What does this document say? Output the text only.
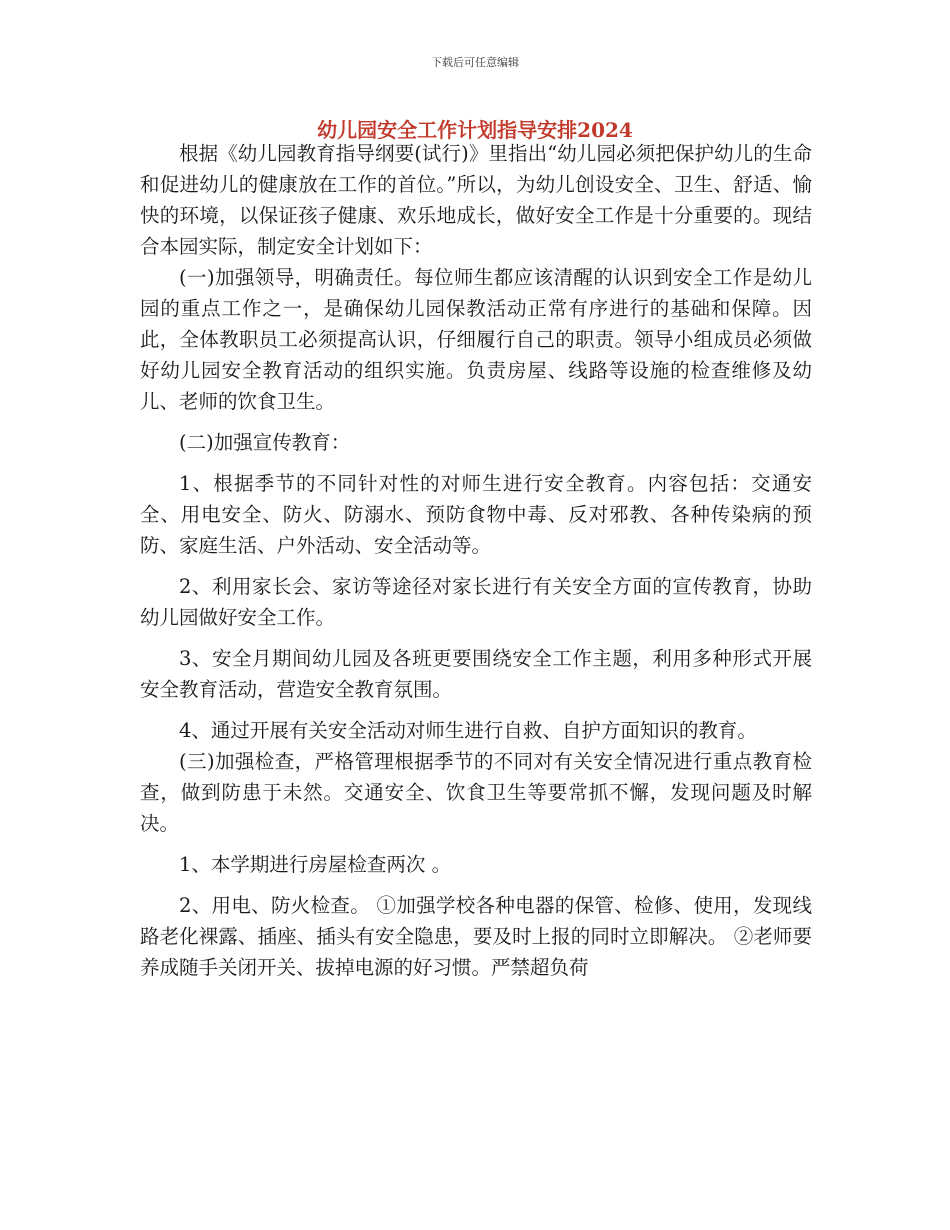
下载后可任意编辑
幼儿园安全工作计划指导安排2024

根据《幼儿园教育指导纲要(试行)》里指出“幼儿园必须把保护幼儿的生命和促进幼儿的健康放在工作的首位。”所以，为幼儿创设安全、卫生、舒适、愉快的环境，以保证孩子健康、欢乐地成长，做好安全工作是十分重要的。现结合本园实际，制定安全计划如下：

(一)加强领导，明确责任。每位师生都应该清醒的认识到安全工作是幼儿园的重点工作之一，是确保幼儿园保教活动正常有序进行的基础和保障。因此，全体教职员工必须提高认识，仔细履行自己的职责。领导小组成员必须做好幼儿园安全教育活动的组织实施。负责房屋、线路等设施的检查维修及幼儿、老师的饮食卫生。

(二)加强宣传教育：

1、根据季节的不同针对性的对师生进行安全教育。内容包括：交通安全、用电安全、防火、防溺水、预防食物中毒、反对邪教、各种传染病的预防、家庭生活、户外活动、安全活动等。

2、利用家长会、家访等途径对家长进行有关安全方面的宣传教育，协助幼儿园做好安全工作。

3、安全月期间幼儿园及各班更要围绕安全工作主题，利用多种形式开展安全教育活动，营造安全教育氛围。

4、通过开展有关安全活动对师生进行自救、自护方面知识的教育。

(三)加强检查，严格管理根据季节的不同对有关安全情况进行重点教育检查，做到防患于未然。交通安全、饮食卫生等要常抓不懈，发现问题及时解决。

1、本学期进行房屋检查两次 。

2、用电、防火检查。 ①加强学校各种电器的保管、检修、使用，发现线路老化裸露、插座、插头有安全隐患，要及时上报的同时立即解决。 ②老师要养成随手关闭开关、拔掉电源的好习惯。严禁超负荷
